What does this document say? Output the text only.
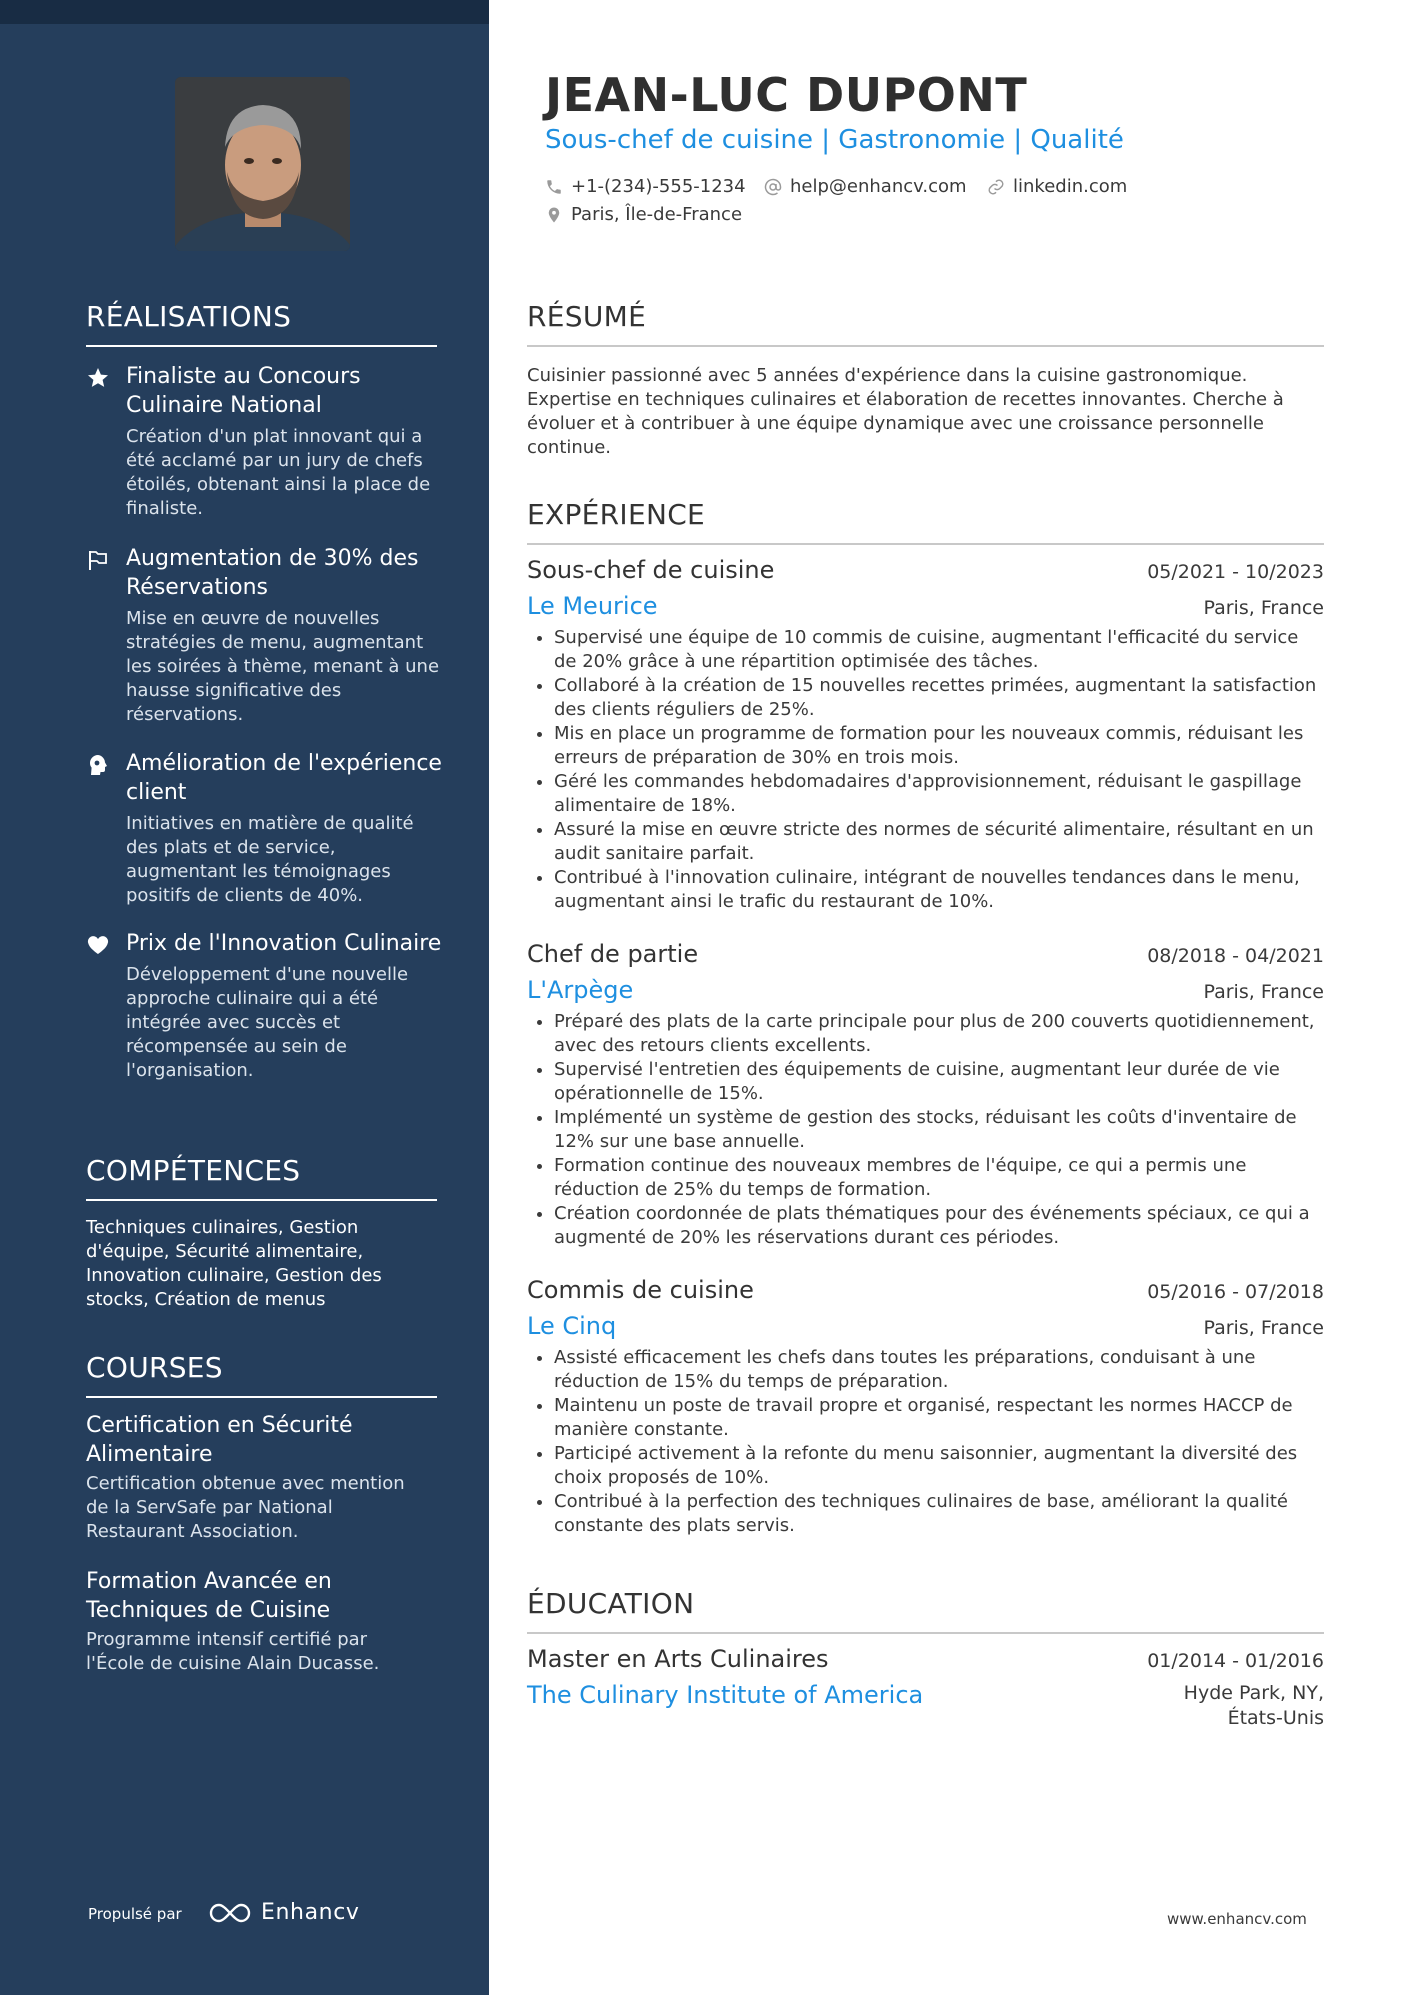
RÉALISATIONS
Finaliste au Concours Culinaire National
Création d'un plat innovant qui a été acclamé par un jury de chefs étoilés, obtenant ainsi la place de finaliste.
Augmentation de 30% des Réservations
Mise en œuvre de nouvelles stratégies de menu, augmentant les soirées à thème, menant à une hausse significative des réservations.
Amélioration de l'expérience client
Initiatives en matière de qualité des plats et de service, augmentant les témoignages positifs de clients de 40%.
Prix de l'Innovation Culinaire
Développement d'une nouvelle approche culinaire qui a été intégrée avec succès et récompensée au sein de l'organisation.
COMPÉTENCES
Techniques culinaires, Gestion d'équipe, Sécurité alimentaire, Innovation culinaire, Gestion des stocks, Création de menus
COURSES
Certification en Sécurité Alimentaire
Certification obtenue avec mention de la ServSafe par National Restaurant Association.
Formation Avancée en Techniques de Cuisine
Programme intensif certifié par l'École de cuisine Alain Ducasse.
Propulsé par	Enhancv
JEAN-LUC DUPONT
Sous-chef de cuisine | Gastronomie | Qualité
+1-(234)-555-1234 help@enhancv.com	linkedin.com
Paris, Île-de-France
RÉSUMÉ
Cuisinier passionné avec 5 années d'expérience dans la cuisine gastronomique. Expertise en techniques culinaires et élaboration de recettes innovantes. Cherche à évoluer et à contribuer à une équipe dynamique avec une croissance personnelle continue.
EXPÉRIENCE
Sous-chef de cuisine	05/2021 - 10/2023
Le Meurice	Paris, France
• Supervisé une équipe de 10 commis de cuisine, augmentant l'efficacité du service de 20% grâce à une répartition optimisée des tâches.
• Collaboré à la création de 15 nouvelles recettes primées, augmentant la satisfaction des clients réguliers de 25%.
• Mis en place un programme de formation pour les nouveaux commis, réduisant les erreurs de préparation de 30% en trois mois.
• Géré les commandes hebdomadaires d'approvisionnement, réduisant le gaspillage alimentaire de 18%.
• Assuré la mise en œuvre stricte des normes de sécurité alimentaire, résultant en un audit sanitaire parfait.
• Contribué à l'innovation culinaire, intégrant de nouvelles tendances dans le menu, augmentant ainsi le trafic du restaurant de 10%.
Chef de partie	08/2018 - 04/2021
L'Arpège	Paris, France
• Préparé des plats de la carte principale pour plus de 200 couverts quotidiennement, avec des retours clients excellents.
• Supervisé l'entretien des équipements de cuisine, augmentant leur durée de vie opérationnelle de 15%.
• Implémenté un système de gestion des stocks, réduisant les coûts d'inventaire de 12% sur une base annuelle.
• Formation continue des nouveaux membres de l'équipe, ce qui a permis une réduction de 25% du temps de formation.
• Création coordonnée de plats thématiques pour des événements spéciaux, ce qui a augmenté de 20% les réservations durant ces périodes.
Commis de cuisine	05/2016 - 07/2018
Le Cinq	Paris, France
• Assisté efficacement les chefs dans toutes les préparations, conduisant à une réduction de 15% du temps de préparation.
• Maintenu un poste de travail propre et organisé, respectant les normes HACCP de manière constante.
• Participé activement à la refonte du menu saisonnier, augmentant la diversité des choix proposés de 10%.
• Contribué à la perfection des techniques culinaires de base, améliorant la qualité constante des plats servis.
ÉDUCATION
Master en Arts Culinaires	01/2014 - 01/2016
The Culinary Institute of America	Hyde Park, NY, États-Unis
www.enhancv.com
